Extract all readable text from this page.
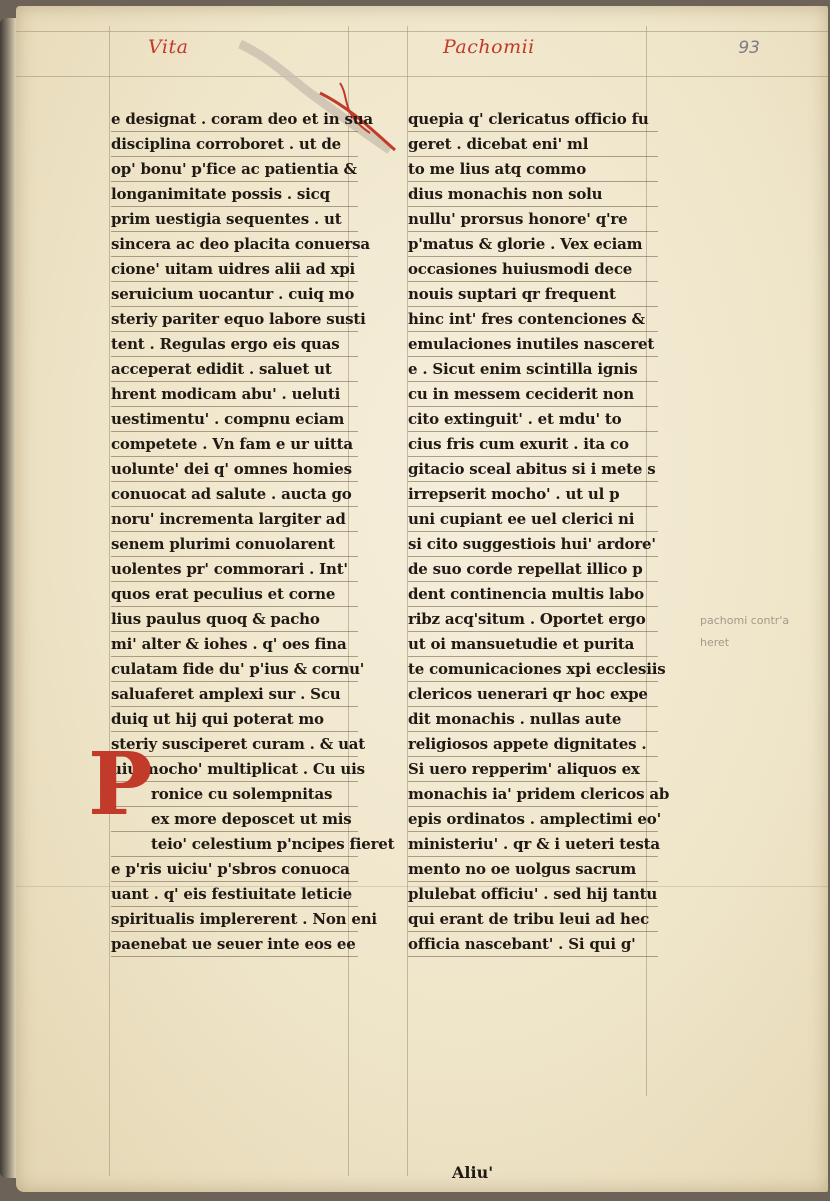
Vita	Pachomii	93
pachomi contr'a heret
e designat . coram deo et in sua
disciplina corroboret . ut de
op' bonu' p'fice ac patientia &
longanimitate possis . sicq
prim uestigia sequentes . ut
sincera ac deo placita conuersa
cione' uitam uidres alii ad xpi
seruicium uocantur . cuiq mo
steriy pariter equo labore susti
tent . Regulas ergo eis quas
acceperat edidit . saluet ut
hrent modicam abu' . ueluti
uestimentu' . compnu eciam
competete . Vn fam e ur uitta
uolunte' dei q' omnes homies
conuocat ad salute . aucta go
noru' incrementa largiter ad
senem plurimi conuolarent
uolentes pr' commorari . Int'
quos erat peculius et corne
lius paulus quoq & pacho
mi' alter & iohes . q' oes fina
culatam fide du' p'ius & cornu'
saluaferet amplexi sur . Scu
duiq ut hij qui poterat mo
steriy susciperet curam . & uat
uiu mocho' multiplicat . Cu uis
ronice cu solempnitas
ex more deposcet ut mis
teio' celestium p'ncipes fieret
e p'ris uiciu' p'sbros conuoca
uant . q' eis festiuitate leticie
spiritualis implererent . Non eni
paenebat ue seuer inte eos ee
quepia q' clericatus officio fu
geret . dicebat eni' ml
to me lius atq commo
dius monachis non solu
nullu' prorsus honore' q're
p'matus & glorie . Vex eciam
occasiones huiusmodi dece
nouis suptari qr frequent
hinc int' fres contenciones &
emulaciones inutiles nasceret
e . Sicut enim scintilla ignis
cu in messem ceciderit non
cito extinguit' . et mdu' to
cius fris cum exurit . ita co
gitacio sceal abitus si i mete s
irrepserit mocho' . ut ul p
uni cupiant ee uel clerici ni
si cito suggestiois hui' ardore'
de suo corde repellat illico p
dent continencia multis labo
ribz acq'situm . Oportet ergo
ut oi mansuetudie et purita
te comunicaciones xpi ecclesiis
clericos uenerari qr hoc expe
dit monachis . nullas aute
religiosos appete dignitates .
Si uero repperim' aliquos ex
monachis ia' pridem clericos ab
epis ordinatos . amplectimi eo'
ministeriu' . qr & i ueteri testa
mento no oe uolgus sacrum
plulebat officiu' . sed hij tantu
qui erant de tribu leui ad hec
officia nascebant' . Si qui g'
P
Aliu'
